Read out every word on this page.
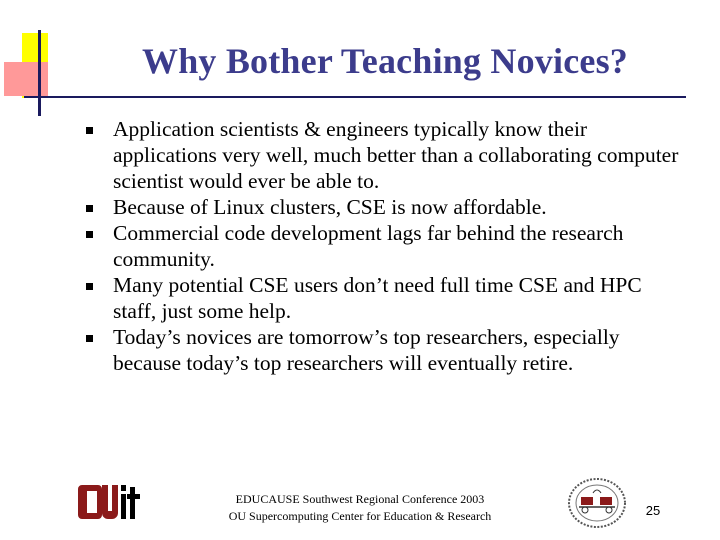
Why Bother Teaching Novices?
Application scientists & engineers typically know their applications very well, much better than a collaborating computer scientist would ever be able to.
Because of Linux clusters, CSE is now affordable.
Commercial code development lags far behind the research community.
Many potential CSE users don’t need full time CSE and HPC staff, just some help.
Today’s novices are tomorrow’s top researchers, especially because today’s top researchers will eventually retire.
EDUCAUSE Southwest Regional Conference 2003
OU Supercomputing Center for Education & Research	25
